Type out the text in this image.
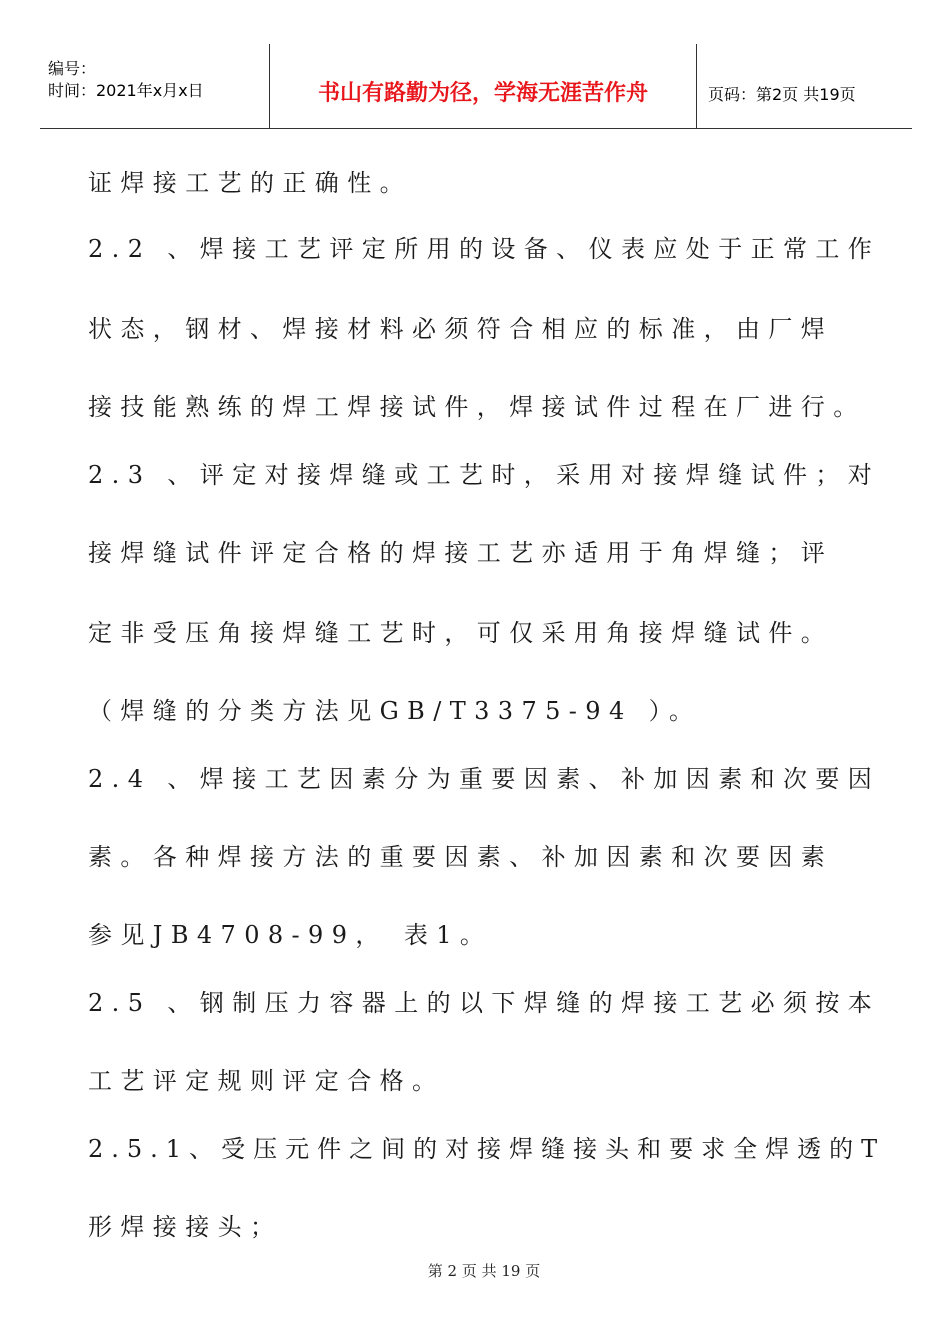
编号：
时间：2021年x月x日	书山有路勤为径，学海无涯苦作舟	页码：第2页 共19页
证焊接工艺的正确性。
2.2 、焊接工艺评定所用的设备、仪表应处于正常工作
状态，钢材、焊接材料必须符合相应的标准，由厂焊
接技能熟练的焊工焊接试件，焊接试件过程在厂进行。
2.3 、评定对接焊缝或工艺时，采用对接焊缝试件；对
接焊缝试件评定合格的焊接工艺亦适用于角焊缝；评
定非受压角接焊缝工艺时，可仅采用角接焊缝试件。
（焊缝的分类方法见GB/T3375-94 ）。
2.4 、焊接工艺因素分为重要因素、补加因素和次要因
素。各种焊接方法的重要因素、补加因素和次要因素
参见JB4708-99， 表1。
2.5 、钢制压力容器上的以下焊缝的焊接工艺必须按本
工艺评定规则评定合格。
2.5.1、受压元件之间的对接焊缝接头和要求全焊透的T
形焊接接头；
第 2 页 共 19 页
